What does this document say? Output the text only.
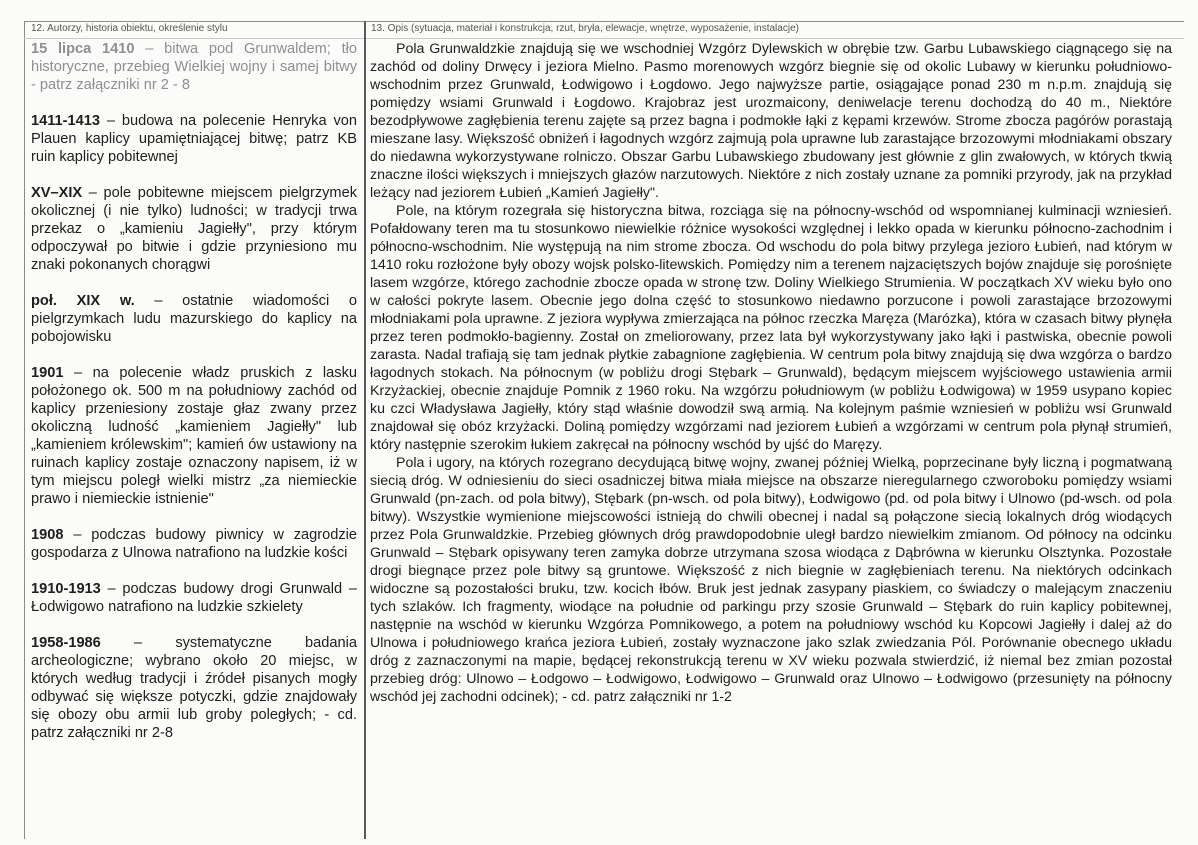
12. Autorzy, historia obiektu, określenie stylu	13. Opis (sytuacja, materiał i konstrukcja, rzut, bryła, elewacje, wnętrze, wyposażenie, instalacje)
15 lipca 1410 – bitwa pod Grunwaldem; tło historyczne, przebieg Wielkiej wojny i samej bitwy - patrz załączniki nr 2 - 8
1411-1413 – budowa na polecenie Henryka von Plauen kaplicy upamiętniającej bitwę; patrz KB ruin kaplicy pobitewnej
XV–XIX – pole pobitewne miejscem pielgrzymek okolicznej (i nie tylko) ludności; w tradycji trwa przekaz o „kamieniu Jagiełły", przy którym odpoczywał po bitwie i gdzie przyniesiono mu znaki pokonanych chorągwi
poł. XIX w. – ostatnie wiadomości o pielgrzymkach ludu mazurskiego do kaplicy na pobojowisku
1901 – na polecenie władz pruskich z lasku położonego ok. 500 m na południowy zachód od kaplicy przeniesiony zostaje głaz zwany przez okoliczną ludność „kamieniem Jagiełły" lub „kamieniem królewskim"; kamień ów ustawiony na ruinach kaplicy zostaje oznaczony napisem, iż w tym miejscu poległ wielki mistrz „za niemieckie prawo i niemieckie istnienie"
1908 – podczas budowy piwnicy w zagrodzie gospodarza z Ulnowa natrafiono na ludzkie kości
1910-1913 – podczas budowy drogi Grunwald – Łodwigowo natrafiono na ludzkie szkielety
1958-1986 – systematyczne badania archeologiczne; wybrano około 20 miejsc, w których według tradycji i źródeł pisanych mogły odbywać się większe potyczki, gdzie znajdowały się obozy obu armii lub groby poległych; - cd. patrz załączniki nr 2-8

Pola Grunwaldzkie znajdują się we wschodniej Wzgórz Dylewskich w obrębie tzw. Garbu Lubawskiego ciągnącego się na zachód od doliny Drwęcy i jeziora Mielno. Pasmo morenowych wzgórz biegnie się od okolic Lubawy w kierunku południowo-wschodnim przez Grunwald, Łodwigowo i Łogdowo. Jego najwyższe partie, osiągające ponad 230 m n.p.m. znajdują się pomiędzy wsiami Grunwald i Łogdowo. Krajobraz jest urozmaicony, deniwelacje terenu dochodzą do 40 m., Niektóre bezodpływowe zagłębienia terenu zajęte są przez bagna i podmokłe łąki z kępami krzewów. Strome zbocza pagórów porastają mieszane lasy. Większość obniżeń i łagodnych wzgórz zajmują pola uprawne lub zarastające brzozowymi młodniakami obszary do niedawna wykorzystywane rolniczo. Obszar Garbu Lubawskiego zbudowany jest głównie z glin zwałowych, w których tkwią znaczne ilości większych i mniejszych głazów narzutowych. Niektóre z nich zostały uznane za pomniki przyrody, jak na przykład leżący nad jeziorem Łubień „Kamień Jagiełły".

Pole, na którym rozegrała się historyczna bitwa, rozciąga się na północny-wschód od wspomnianej kulminacji wzniesień. Pofałdowany teren ma tu stosunkowo niewielkie różnice wysokości względnej i lekko opada w kierunku północno-zachodnim i północno-wschodnim. Nie występują na nim strome zbocza. Od wschodu do pola bitwy przylega jezioro Łubień, nad którym w 1410 roku rozłożone były obozy wojsk polsko-litewskich. Pomiędzy nim a terenem najzaciętszych bojów znajduje się porośnięte lasem wzgórze, którego zachodnie zbocze opada w stronę tzw. Doliny Wielkiego Strumienia. W początkach XV wieku było ono w całości pokryte lasem. Obecnie jego dolna część to stosunkowo niedawno porzucone i powoli zarastające brzozowymi młodniakami pola uprawne. Z jeziora wypływa zmierzająca na północ rzeczka Maręza (Marózka), która w czasach bitwy płynęła przez teren podmokło-bagienny. Został on zmeliorowany, przez lata był wykorzystywany jako łąki i pastwiska, obecnie powoli zarasta. Nadal trafiają się tam jednak płytkie zabagnione zagłębienia. W centrum pola bitwy znajdują się dwa wzgórza o bardzo łagodnych stokach. Na północnym (w pobliżu drogi Stębark – Grunwald), będącym miejscem wyjściowego ustawienia armii Krzyżackiej, obecnie znajduje Pomnik z 1960 roku. Na wzgórzu południowym (w pobliżu Łodwigowa) w 1959 usypano kopiec ku czci Władysława Jagiełły, który stąd właśnie dowodził swą armią. Na kolejnym paśmie wzniesień w pobliżu wsi Grunwald znajdował się obóz krzyżacki. Doliną pomiędzy wzgórzami nad jeziorem Łubień a wzgórzami w centrum pola płynął strumień, który następnie szerokim łukiem zakręcał na północny wschód by ujść do Maręzy.

Pola i ugory, na których rozegrano decydującą bitwę wojny, zwanej później Wielką, poprzecinane były liczną i pogmatwaną siecią dróg. W odniesieniu do sieci osadniczej bitwa miała miejsce na obszarze nieregularnego czworoboku pomiędzy wsiami Grunwald (pn-zach. od pola bitwy), Stębark (pn-wsch. od pola bitwy), Łodwigowo (pd. od pola bitwy i Ulnowo (pd-wsch. od pola bitwy). Wszystkie wymienione miejscowości istnieją do chwili obecnej i nadal są połączone siecią lokalnych dróg wiodących przez Pola Grunwaldzkie. Przebieg głównych dróg prawdopodobnie uległ bardzo niewielkim zmianom. Od północy na odcinku Grunwald – Stębark opisywany teren zamyka dobrze utrzymana szosa wiodąca z Dąbrówna w kierunku Olsztynka. Pozostałe drogi biegnące przez pole bitwy są gruntowe. Większość z nich biegnie w zagłębieniach terenu. Na niektórych odcinkach widoczne są pozostałości bruku, tzw. kocich łbów. Bruk jest jednak zasypany piaskiem, co świadczy o malejącym znaczeniu tych szlaków. Ich fragmenty, wiodące na południe od parkingu przy szosie Grunwald – Stębark do ruin kaplicy pobitewnej, następnie na wschód w kierunku Wzgórza Pomnikowego, a potem na południowy wschód ku Kopcowi Jagiełły i dalej aż do Ulnowa i południowego krańca jeziora Łubień, zostały wyznaczone jako szlak zwiedzania Pól. Porównanie obecnego układu dróg z zaznaczonymi na mapie, będącej rekonstrukcją terenu w XV wieku pozwala stwierdzić, iż niemal bez zmian pozostał przebieg dróg: Ulnowo – Łodgowo – Łodwigowo, Łodwigowo – Grunwald oraz Ulnowo – Łodwigowo (przesunięty na północny wschód jej zachodni odcinek); - cd. patrz załączniki nr 1-2
